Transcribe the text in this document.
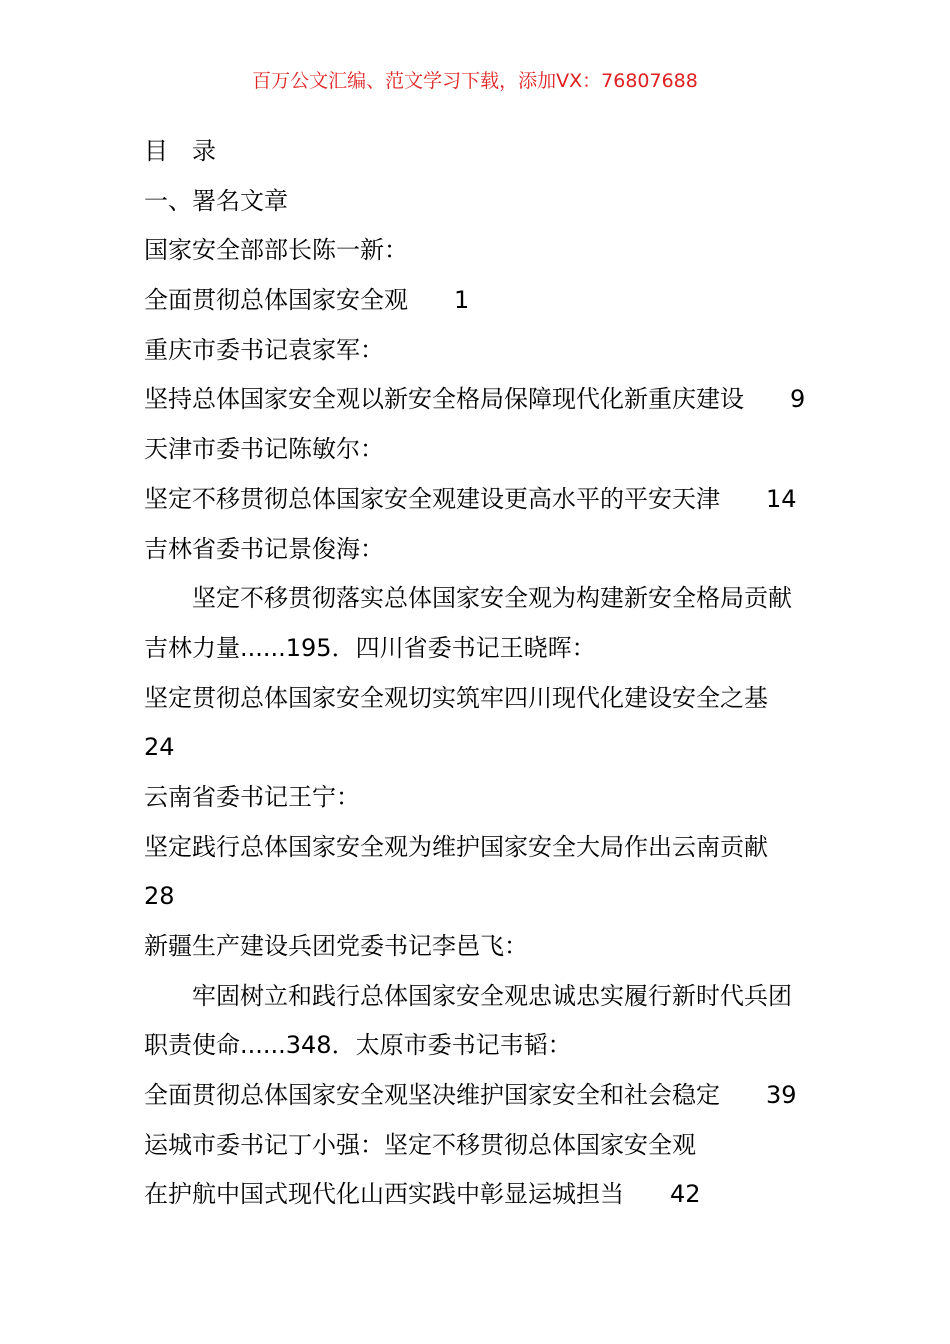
百万公文汇编、范文学习下载，添加VX：76807688
目 录
一、署名文章
国家安全部部长陈一新：
全面贯彻总体国家安全观 1
重庆市委书记袁家军：
坚持总体国家安全观以新安全格局保障现代化新重庆建设 9
天津市委书记陈敏尔：
坚定不移贯彻总体国家安全观建设更高水平的平安天津 14
吉林省委书记景俊海：
坚定不移贯彻落实总体国家安全观为构建新安全格局贡献
吉林力量......195．四川省委书记王晓晖：
坚定贯彻总体国家安全观切实筑牢四川现代化建设安全之基
24
云南省委书记王宁：
坚定践行总体国家安全观为维护国家安全大局作出云南贡献
28
新疆生产建设兵团党委书记李邑飞：
牢固树立和践行总体国家安全观忠诚忠实履行新时代兵团
职责使命......348．太原市委书记韦韬：
全面贯彻总体国家安全观坚决维护国家安全和社会稳定 39
运城市委书记丁小强：坚定不移贯彻总体国家安全观
在护航中国式现代化山西实践中彰显运城担当 42
